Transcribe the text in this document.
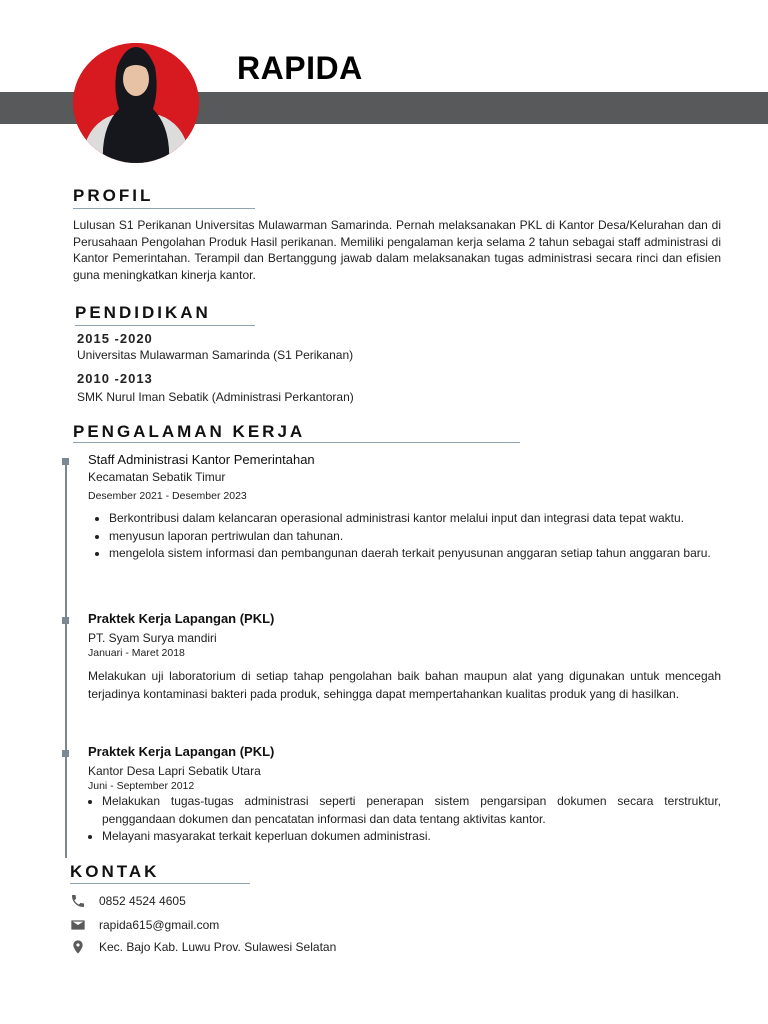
RAPIDA
PROFIL
Lulusan S1 Perikanan Universitas Mulawarman Samarinda. Pernah melaksanakan PKL di Kantor Desa/Kelurahan dan di Perusahaan Pengolahan Produk Hasil perikanan. Memiliki pengalaman kerja selama 2 tahun sebagai staff administrasi di Kantor Pemerintahan. Terampil dan Bertanggung jawab dalam melaksanakan tugas administrasi secara rinci dan efisien guna meningkatkan kinerja kantor.
PENDIDIKAN
2015 -2020
Universitas Mulawarman Samarinda (S1 Perikanan)
2010 -2013
SMK Nurul Iman Sebatik (Administrasi Perkantoran)
PENGALAMAN KERJA
Staff Administrasi Kantor Pemerintahan
Kecamatan Sebatik Timur
Desember 2021 - Desember 2023
• Berkontribusi dalam kelancaran operasional administrasi kantor melalui input dan integrasi data tepat waktu.
• menyusun laporan pertriwulan dan tahunan.
• mengelola sistem informasi dan pembangunan daerah terkait penyusunan anggaran setiap tahun anggaran baru.
Praktek Kerja Lapangan (PKL)
PT. Syam Surya mandiri
Januari - Maret 2018
Melakukan uji laboratorium di setiap tahap pengolahan baik bahan maupun alat yang digunakan untuk mencegah terjadinya kontaminasi bakteri pada produk, sehingga dapat mempertahankan kualitas produk yang di hasilkan.
Praktek Kerja Lapangan (PKL)
Kantor Desa Lapri Sebatik Utara
Juni - September 2012
• Melakukan tugas-tugas administrasi seperti penerapan sistem pengarsipan dokumen secara terstruktur, penggandaan dokumen dan pencatatan informasi dan data tentang aktivitas kantor.
• Melayani masyarakat terkait keperluan dokumen administrasi.
KONTAK
0852 4524 4605
rapida615@gmail.com
Kec. Bajo Kab. Luwu Prov. Sulawesi Selatan
